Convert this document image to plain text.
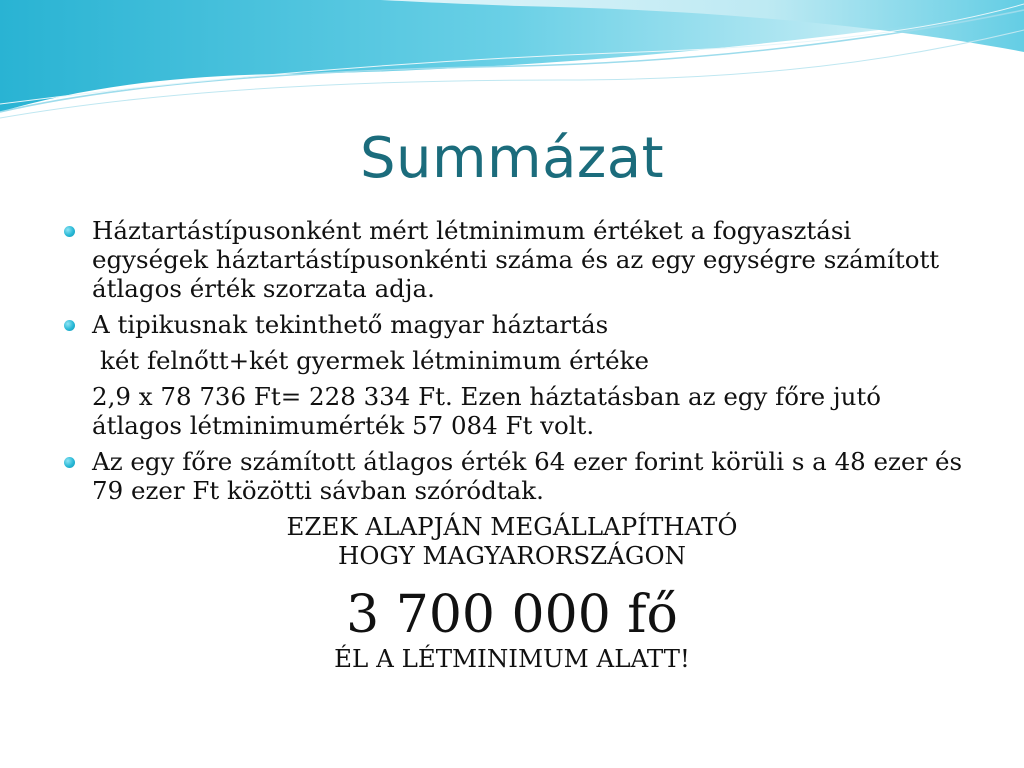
Summázat
Háztartástípusonként mért létminimum értéket a fogyasztási egységek háztartástípusonkénti száma és az egy egységre számított átlagos érték szorzata adja.
A tipikusnak tekinthető magyar háztartás
két felnőtt+két gyermek létminimum értéke
2,9 x 78 736 Ft= 228 334 Ft. Ezen háztatásban az egy főre jutó átlagos létminimumérték 57 084 Ft volt.
Az egy főre számított átlagos érték 64 ezer forint körüli s a 48 ezer és 79 ezer Ft közötti sávban szóródtak.
EZEK ALAPJÁN MEGÁLLAPÍTHATÓ HOGY MAGYARORSZÁGON
3 700 000 fő
ÉL A LÉTMINIMUM ALATT!
